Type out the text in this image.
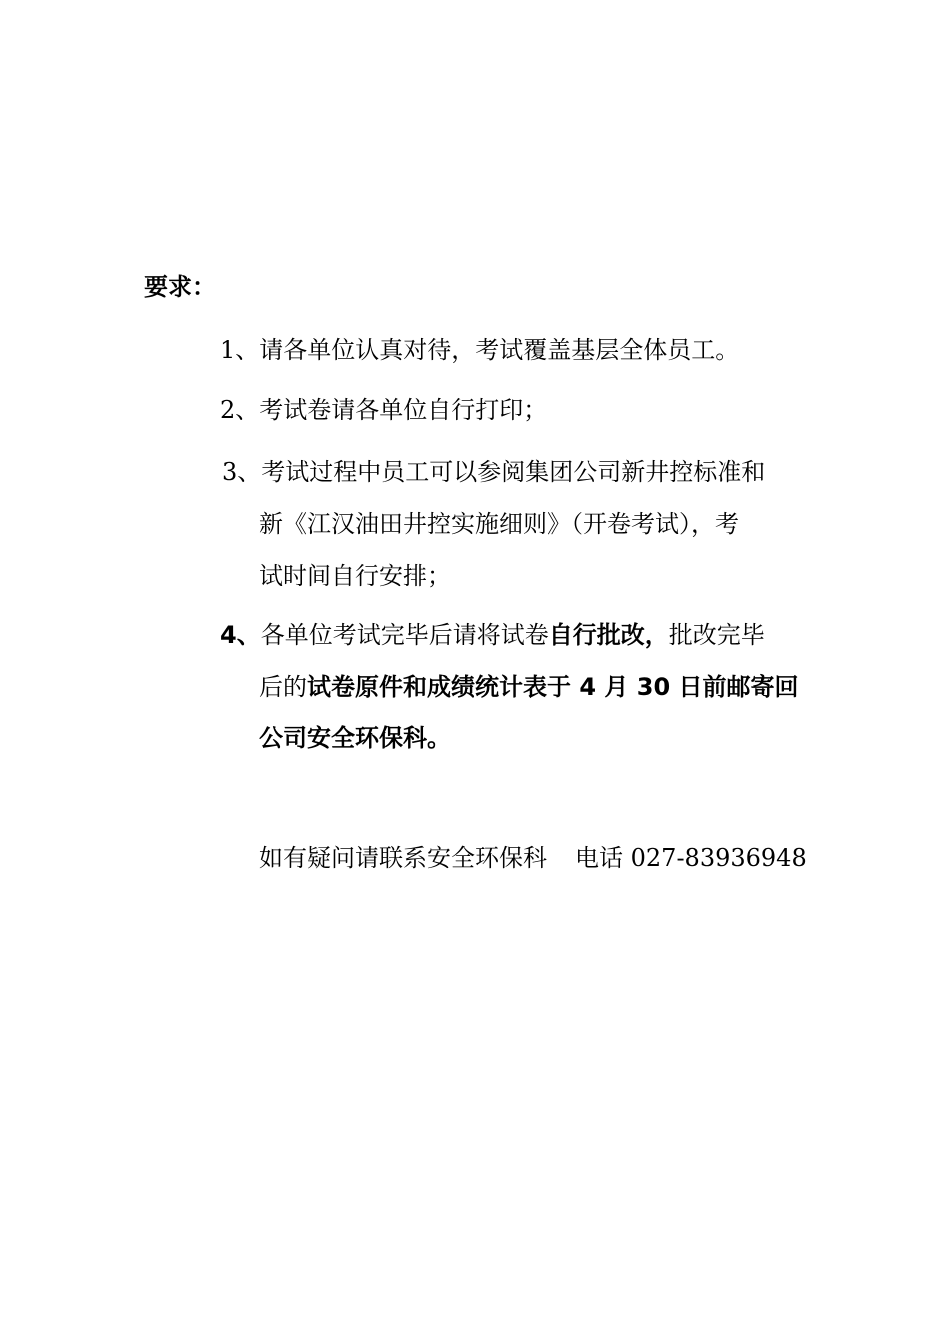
要求：
1、请各单位认真对待，考试覆盖基层全体员工。
2、考试卷请各单位自行打印；
3、考试过程中员工可以参阅集团公司新井控标准和
新《江汉油田井控实施细则》（开卷考试），考
试时间自行安排；
4、各单位考试完毕后请将试卷自行批改，批改完毕
后的试卷原件和成绩统计表于 4 月 30 日前邮寄回
公司安全环保科。
如有疑问请联系安全环保科 电话 027-83936948
